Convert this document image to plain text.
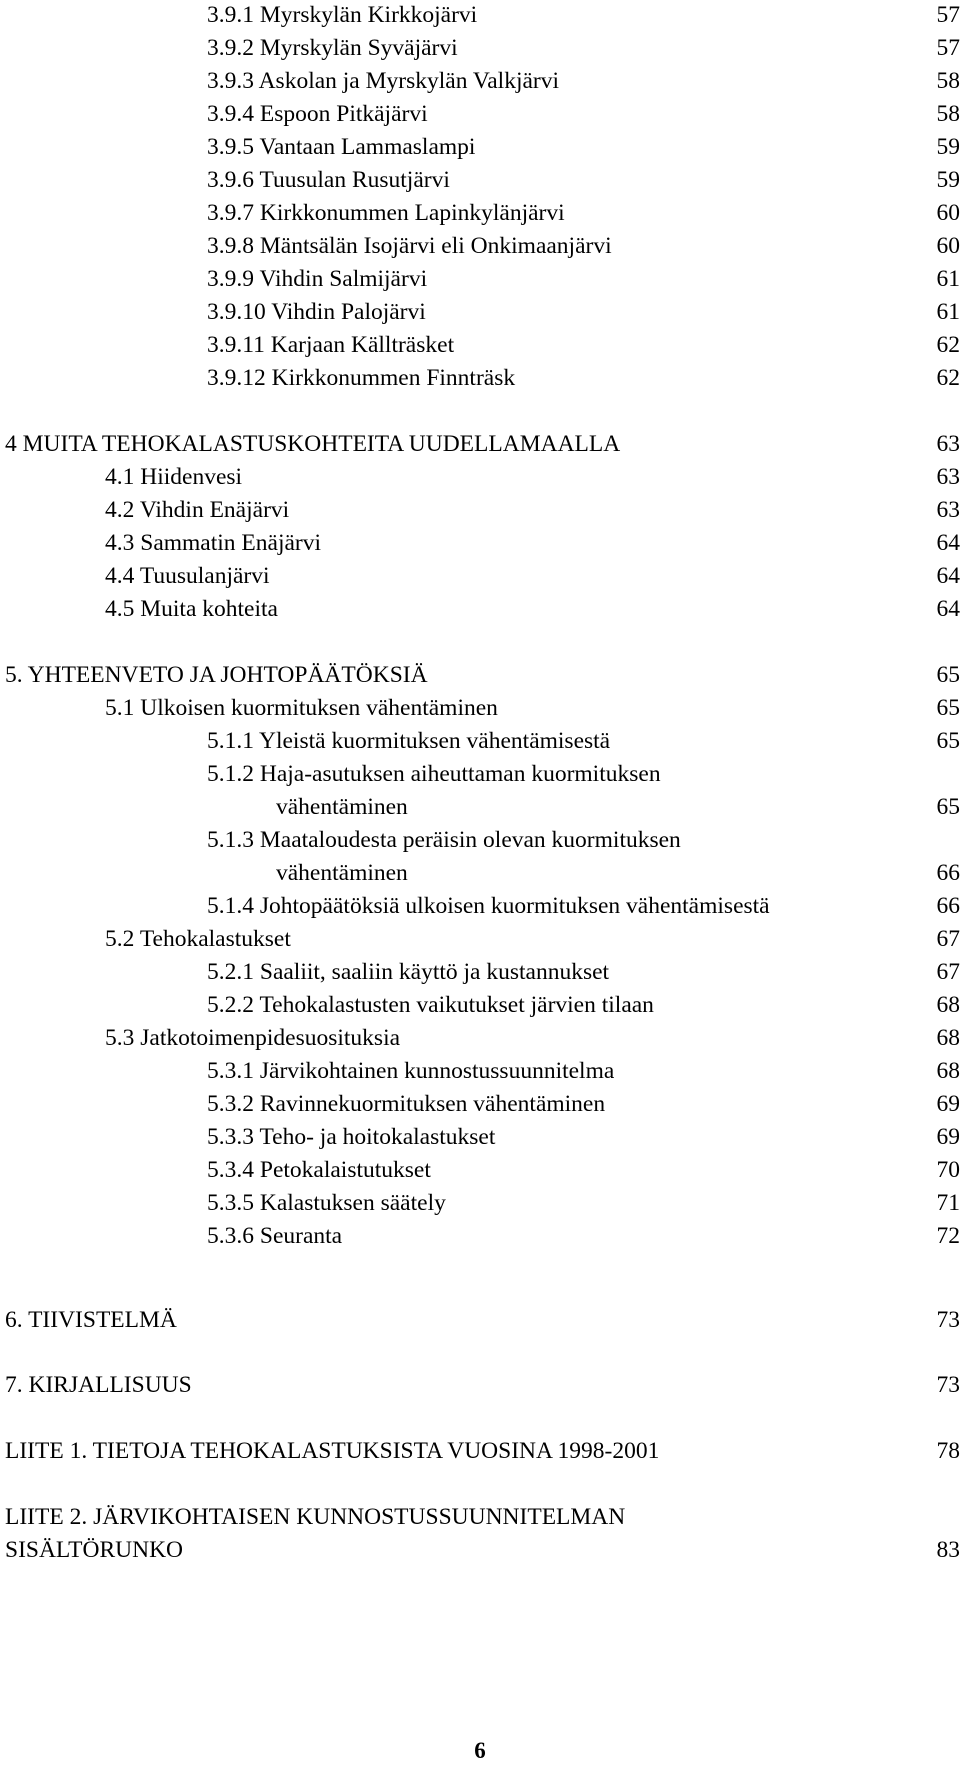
3.9.1 Myrskylän Kirkkojärvi	57
3.9.2 Myrskylän Syväjärvi	57
3.9.3 Askolan ja Myrskylän Valkjärvi	58
3.9.4 Espoon Pitkäjärvi	58
3.9.5 Vantaan Lammaslampi	59
3.9.6 Tuusulan Rusutjärvi	59
3.9.7 Kirkkonummen Lapinkylänjärvi	60
3.9.8 Mäntsälän Isojärvi eli Onkimaanjärvi	60
3.9.9 Vihdin Salmijärvi	61
3.9.10 Vihdin Palojärvi	61
3.9.11 Karjaan Källträsket	62
3.9.12 Kirkkonummen Finnträsk	62
4 MUITA TEHOKALASTUSKOHTEITA UUDELLAMAALLA	63
4.1 Hiidenvesi	63
4.2 Vihdin Enäjärvi	63
4.3 Sammatin Enäjärvi	64
4.4 Tuusulanjärvi	64
4.5 Muita kohteita	64
5. YHTEENVETO JA JOHTOPÄÄTÖKSIÄ	65
5.1 Ulkoisen kuormituksen vähentäminen	65
5.1.1 Yleistä kuormituksen vähentämisestä	65
5.1.2 Haja-asutuksen aiheuttaman kuormituksen
vähentäminen	65
5.1.3 Maataloudesta peräisin olevan kuormituksen
vähentäminen	66
5.1.4 Johtopäätöksiä ulkoisen kuormituksen vähentämisestä	66
5.2 Tehokalastukset	67
5.2.1 Saaliit, saaliin käyttö ja kustannukset	67
5.2.2 Tehokalastusten vaikutukset järvien tilaan	68
5.3 Jatkotoimenpidesuosituksia	68
5.3.1 Järvikohtainen kunnostussuunnitelma	68
5.3.2 Ravinnekuormituksen vähentäminen	69
5.3.3 Teho- ja hoitokalastukset	69
5.3.4 Petokalaistutukset	70
5.3.5 Kalastuksen säätely	71
5.3.6 Seuranta	72
6. TIIVISTELMÄ	73
7. KIRJALLISUUS	73
LIITE 1. TIETOJA TEHOKALASTUKSISTA VUOSINA 1998-2001	78
LIITE 2. JÄRVIKOHTAISEN KUNNOSTUSSUUNNITELMAN
SISÄLTÖRUNKO	83
6
